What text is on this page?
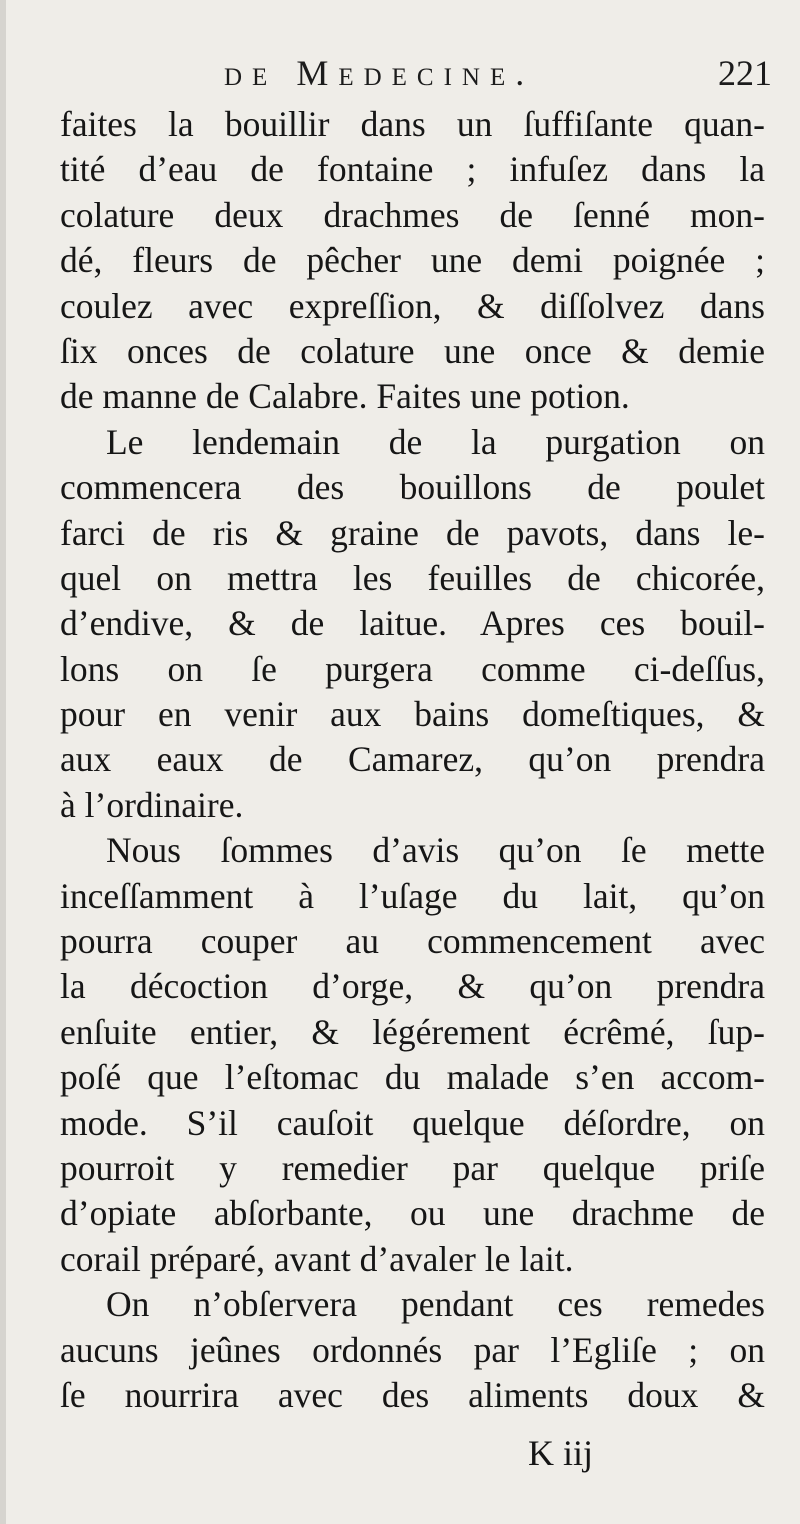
de Medecine.	221
faites la bouillir dans un ſuffiſante quan-
tité d’eau de fontaine ; infuſez dans la
colature deux drachmes de ſenné mon-
dé, fleurs de pêcher une demi poignée ;
coulez avec expreſſion, & diſſolvez dans
ſix onces de colature une once & demie
de manne de Calabre. Faites une potion.
Le lendemain de la purgation on
commencera des bouillons de poulet
farci de ris & graine de pavots, dans le-
quel on mettra les feuilles de chicorée,
d’endive, & de laitue. Apres ces bouil-
lons on ſe purgera comme ci-deſſus,
pour en venir aux bains domeſtiques, &
aux eaux de Camarez, qu’on prendra
à l’ordinaire.
Nous ſommes d’avis qu’on ſe mette
inceſſamment à l’uſage du lait, qu’on
pourra couper au commencement avec
la décoction d’orge, & qu’on prendra
enſuite entier, & légérement écrêmé, ſup-
poſé que l’eſtomac du malade s’en accom-
mode. S’il cauſoit quelque déſordre, on
pourroit y remedier par quelque priſe
d’opiate abſorbante, ou une drachme de
corail préparé, avant d’avaler le lait.
On n’obſervera pendant ces remedes
aucuns jeûnes ordonnés par l’Egliſe ; on
ſe nourrira avec des aliments doux &
K iij
